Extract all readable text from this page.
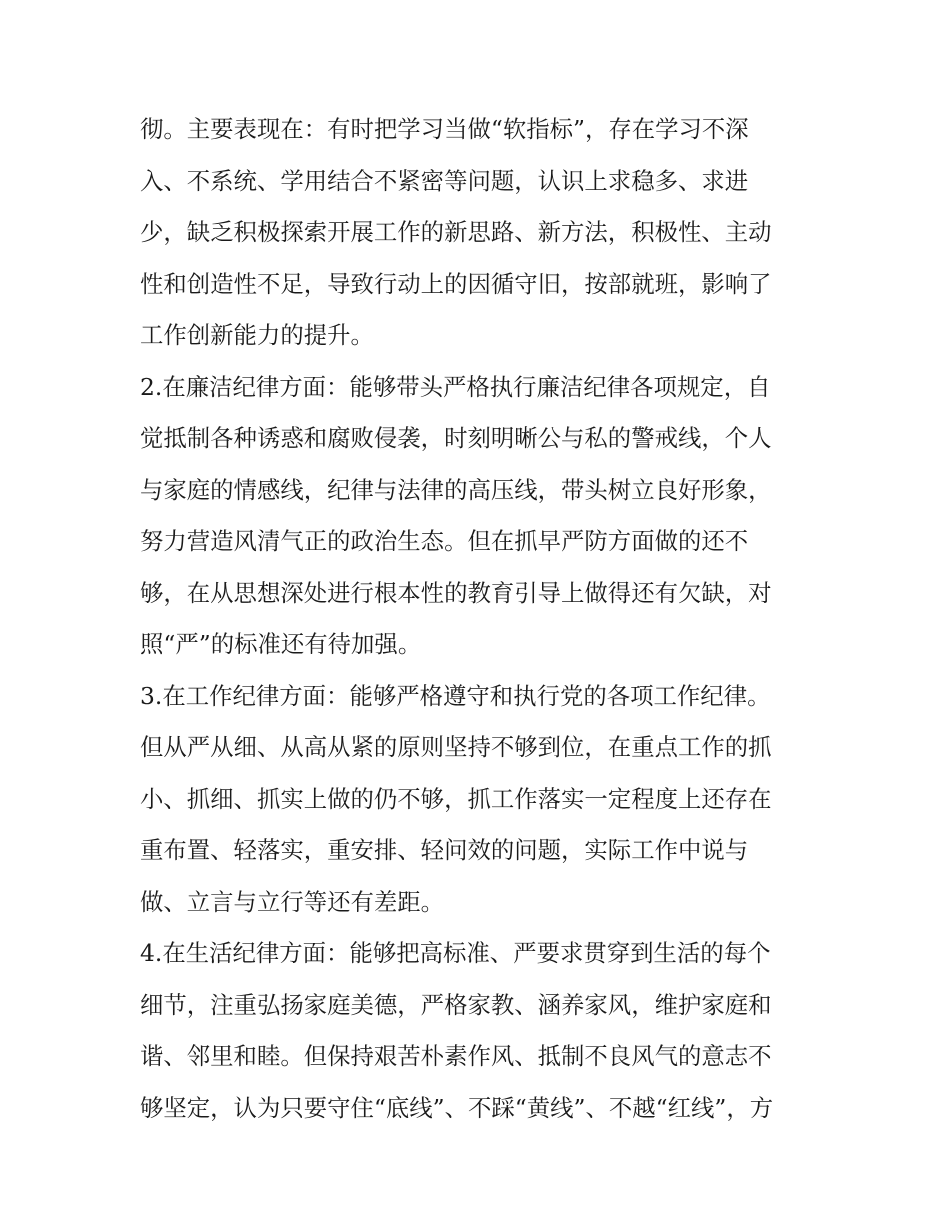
彻。主要表现在：有时把学习当做“软指标”，存在学习不深
入、不系统、学用结合不紧密等问题，认识上求稳多、求进
少，缺乏积极探索开展工作的新思路、新方法，积极性、主动
性和创造性不足，导致行动上的因循守旧，按部就班，影响了
工作创新能力的提升。
2.在廉洁纪律方面：能够带头严格执行廉洁纪律各项规定，自
觉抵制各种诱惑和腐败侵袭，时刻明晰公与私的警戒线，个人
与家庭的情感线，纪律与法律的高压线，带头树立良好形象，
努力营造风清气正的政治生态。但在抓早严防方面做的还不
够，在从思想深处进行根本性的教育引导上做得还有欠缺，对
照“严”的标准还有待加强。
3.在工作纪律方面：能够严格遵守和执行党的各项工作纪律。
但从严从细、从高从紧的原则坚持不够到位，在重点工作的抓
小、抓细、抓实上做的仍不够，抓工作落实一定程度上还存在
重布置、轻落实，重安排、轻问效的问题，实际工作中说与
做、立言与立行等还有差距。
4.在生活纪律方面：能够把高标准、严要求贯穿到生活的每个
细节，注重弘扬家庭美德，严格家教、涵养家风，维护家庭和
谐、邻里和睦。但保持艰苦朴素作风、抵制不良风气的意志不
够坚定，认为只要守住“底线”、不踩“黄线”、不越“红线”，方
